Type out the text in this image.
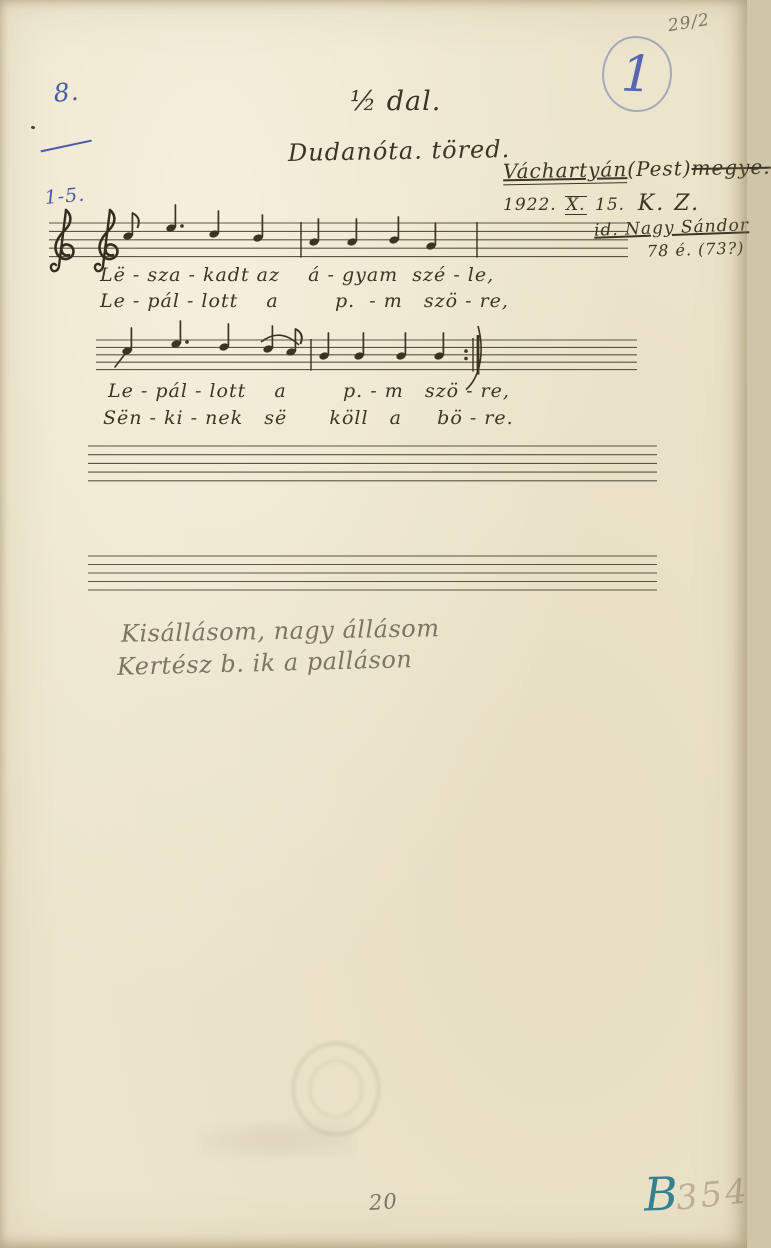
8.

1-5.

29/2
1
½ dal.
Dudanóta. töred.
Váchartyán(Pest)megye.
1922. X. 15. K. Z.
id. Nagy Sándor
78 é. (73?)
Lë - sza - kadt az    á - gyam  szé - le,
Le - pál - lott    a        p.  - m   szö - re,
Le - pál - lott    a        p. - m   szö - re,
Sën - ki - nek   së      köll   a     bö - re.
Kisállásom, nagy állásom
Kertész b. ik a palláson
20	B
354
